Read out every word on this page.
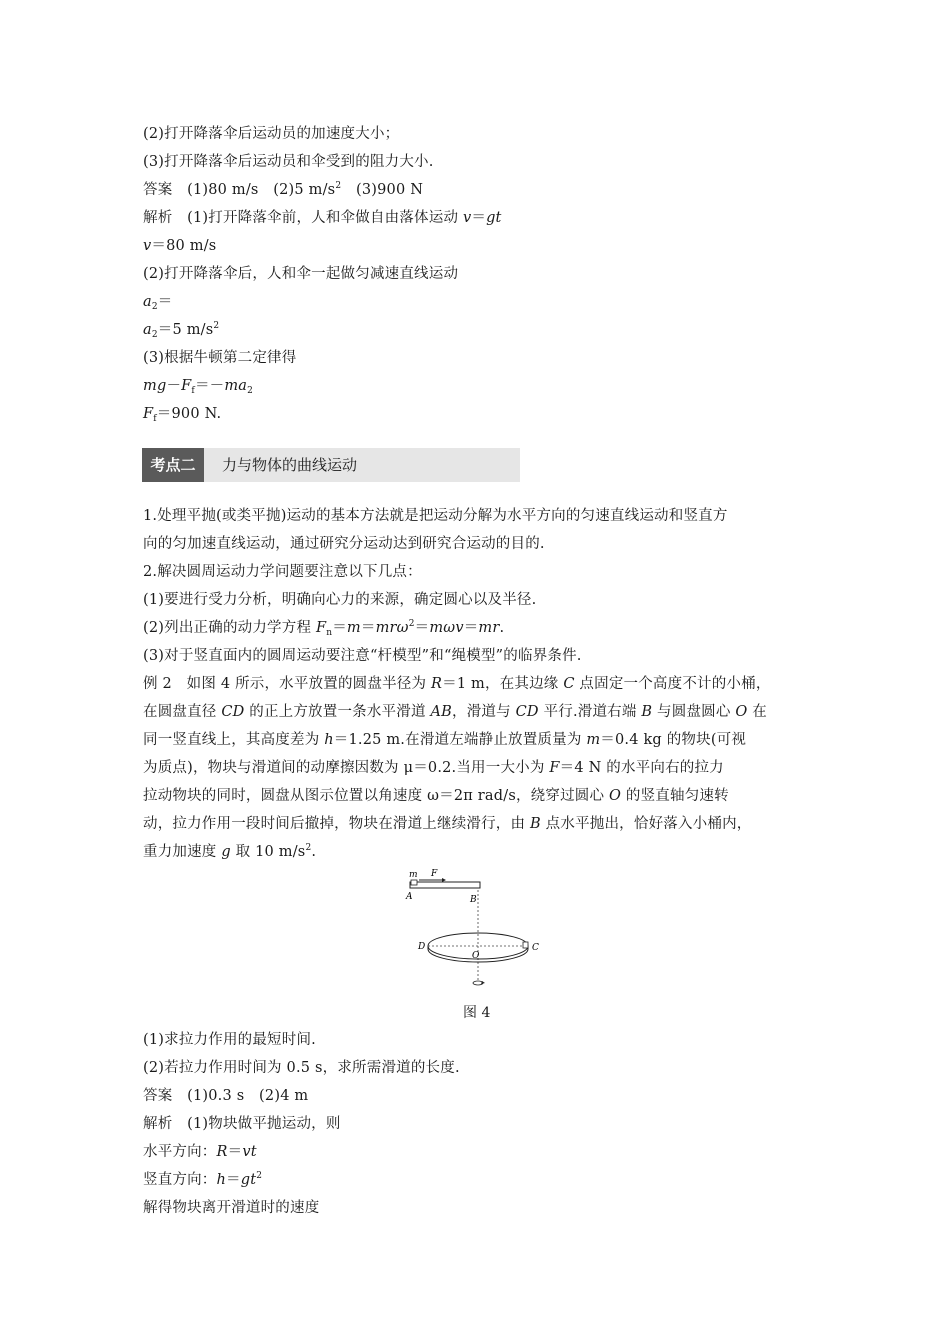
(2)打开降落伞后运动员的加速度大小；
(3)打开降落伞后运动员和伞受到的阻力大小.
答案　(1)80 m/s　(2)5 $m/s^2$　(3)900 N
解析　(1)打开降落伞前，人和伞做自由落体运动 v＝gt
v＝80 m/s
(2)打开降落伞后，人和伞一起做匀减速直线运动
$a_2=$
$a_2=5$ $m/s^2$
(3)根据牛顿第二定律得
$mg-F_f=-ma_2$
$F_f=900$ N.
考点二	力与物体的曲线运动
1.处理平抛(或类平抛)运动的基本方法就是把运动分解为水平方向的匀速直线运动和竖直方
向的匀加速直线运动，通过研究分运动达到研究合运动的目的.
2.解决圆周运动力学问题要注意以下几点：
(1)要进行受力分析，明确向心力的来源，确定圆心以及半径.
(2)列出正确的动力学方程 $F_n=m=mr\omega^2=m\omega v=mr$.
(3)对于竖直面内的圆周运动要注意“杆模型”和“绳模型”的临界条件.
例 2　如图 4 所示，水平放置的圆盘半径为 R＝1 m，在其边缘 C 点固定一个高度不计的小桶，
在圆盘直径 CD 的正上方放置一条水平滑道 AB，滑道与 CD 平行.滑道右端 B 与圆盘圆心 O 在
同一竖直线上，其高度差为 h＝1.25 m.在滑道左端静止放置质量为 m＝0.4 kg 的物块(可视
为质点)，物块与滑道间的动摩擦因数为 μ＝0.2.当用一大小为 F＝4 N 的水平向右的拉力
拉动物块的同时，圆盘从图示位置以角速度 ω＝2π rad/s，绕穿过圆心 O 的竖直轴匀速转
动，拉力作用一段时间后撤掉，物块在滑道上继续滑行，由 B 点水平抛出，恰好落入小桶内，
重力加速度 g 取 10 $m/s^2$.
m F
A	B
D	C
O
图 4
(1)求拉力作用的最短时间.
(2)若拉力作用时间为 0.5 s，求所需滑道的长度.
答案　(1)0.3 s　(2)4 m
解析　(1)物块做平抛运动，则
水平方向：R＝vt
竖直方向：$h=gt^2$
解得物块离开滑道时的速度
